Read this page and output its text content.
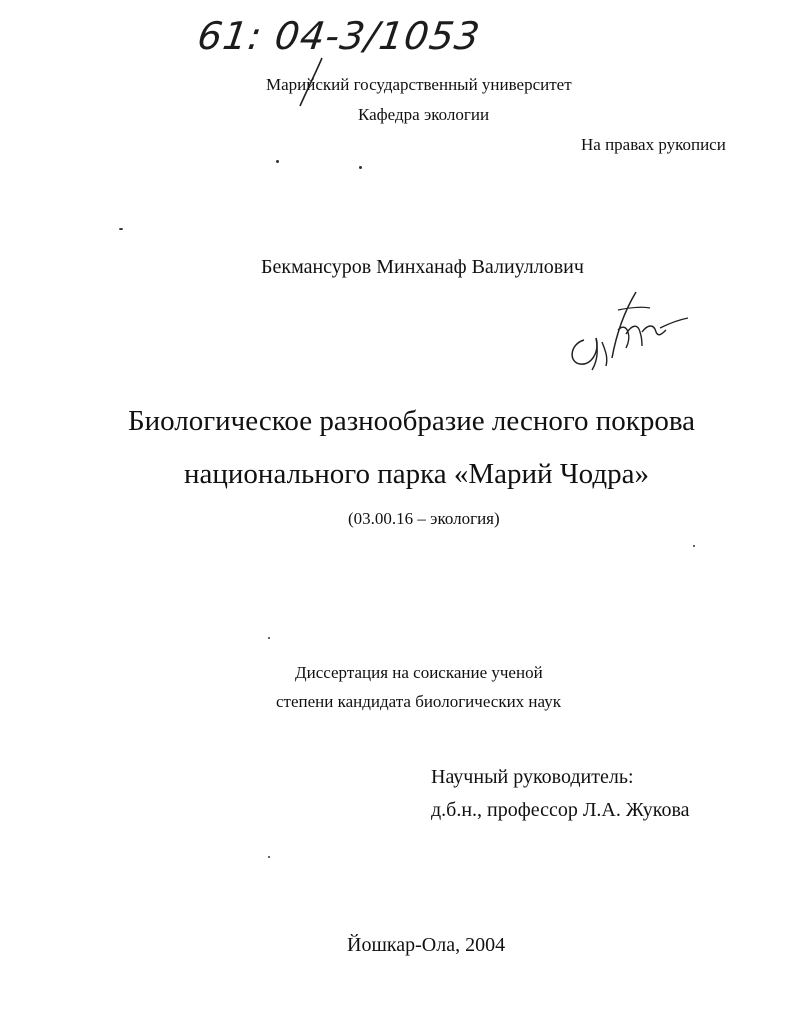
61: 04-3/1053
Марийский государственный университет
Кафедра экологии
На правах рукописи
Бекмансуров Минханаф Валиуллович
Биологическое разнообразие лесного покрова
национального парка «Марий Чодра»
(03.00.16 – экология)
Диссертация на соискание ученой
степени кандидата биологических наук
Научный руководитель:
д.б.н., профессор Л.А. Жукова
Йошкар-Ола, 2004
